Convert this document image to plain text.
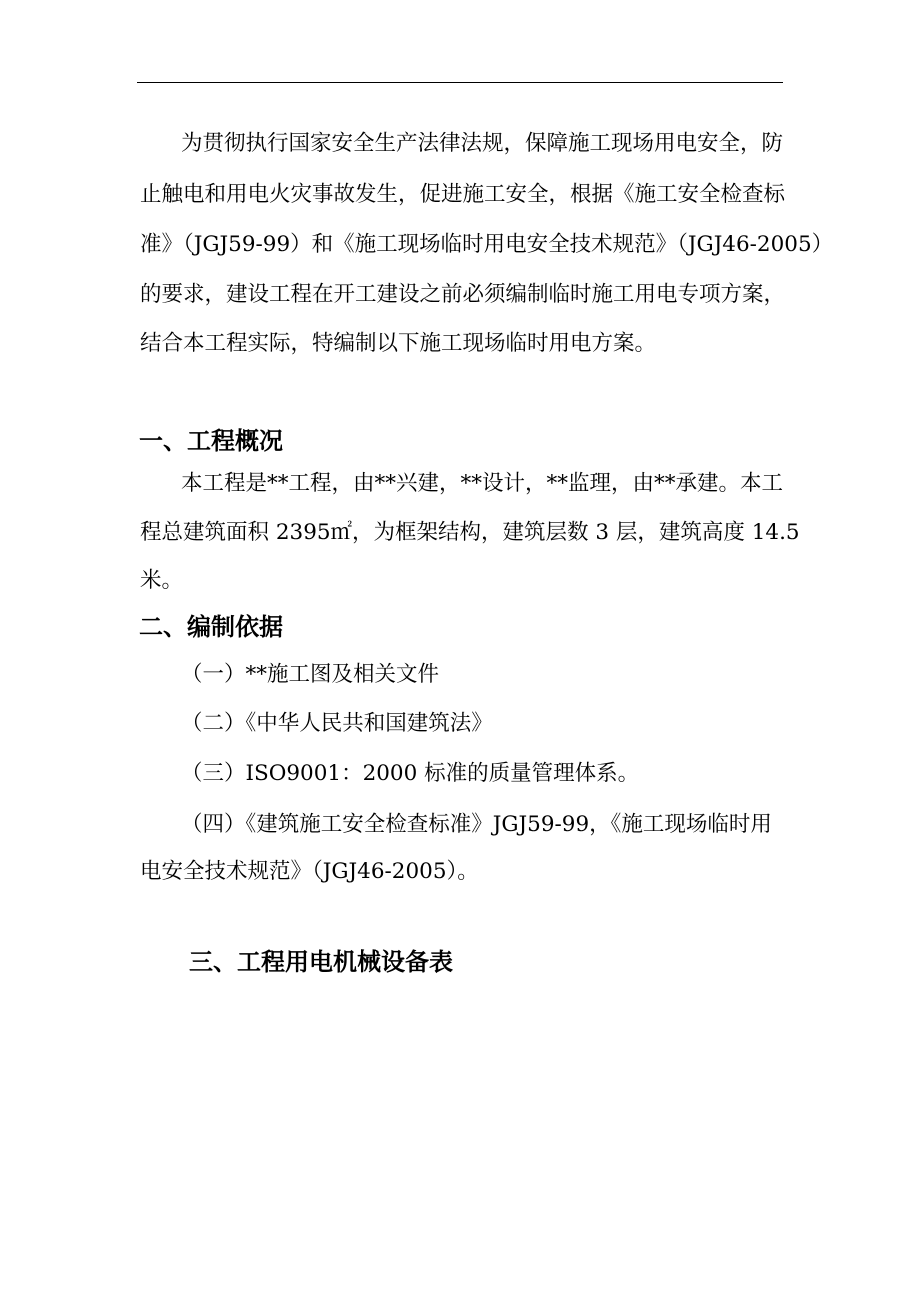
为贯彻执行国家安全生产法律法规，保障施工现场用电安全，防
止触电和用电火灾事故发生，促进施工安全，根据《施工安全检查标
准》（JGJ59-99）和《施工现场临时用电安全技术规范》（JGJ46-2005）
的要求，建设工程在开工建设之前必须编制临时施工用电专项方案，
结合本工程实际，特编制以下施工现场临时用电方案。
一、工程概况
本工程是**工程，由**兴建，**设计，**监理，由**承建。本工
程总建筑面积 2395㎡，为框架结构，建筑层数 3 层，建筑高度 14.5
米。
二、编制依据
（一）**施工图及相关文件
（二）《中华人民共和国建筑法》
（三）ISO9001：2000 标准的质量管理体系。
（四）《建筑施工安全检查标准》JGJ59-99，《施工现场临时用
电安全技术规范》（JGJ46-2005）。
三、工程用电机械设备表
